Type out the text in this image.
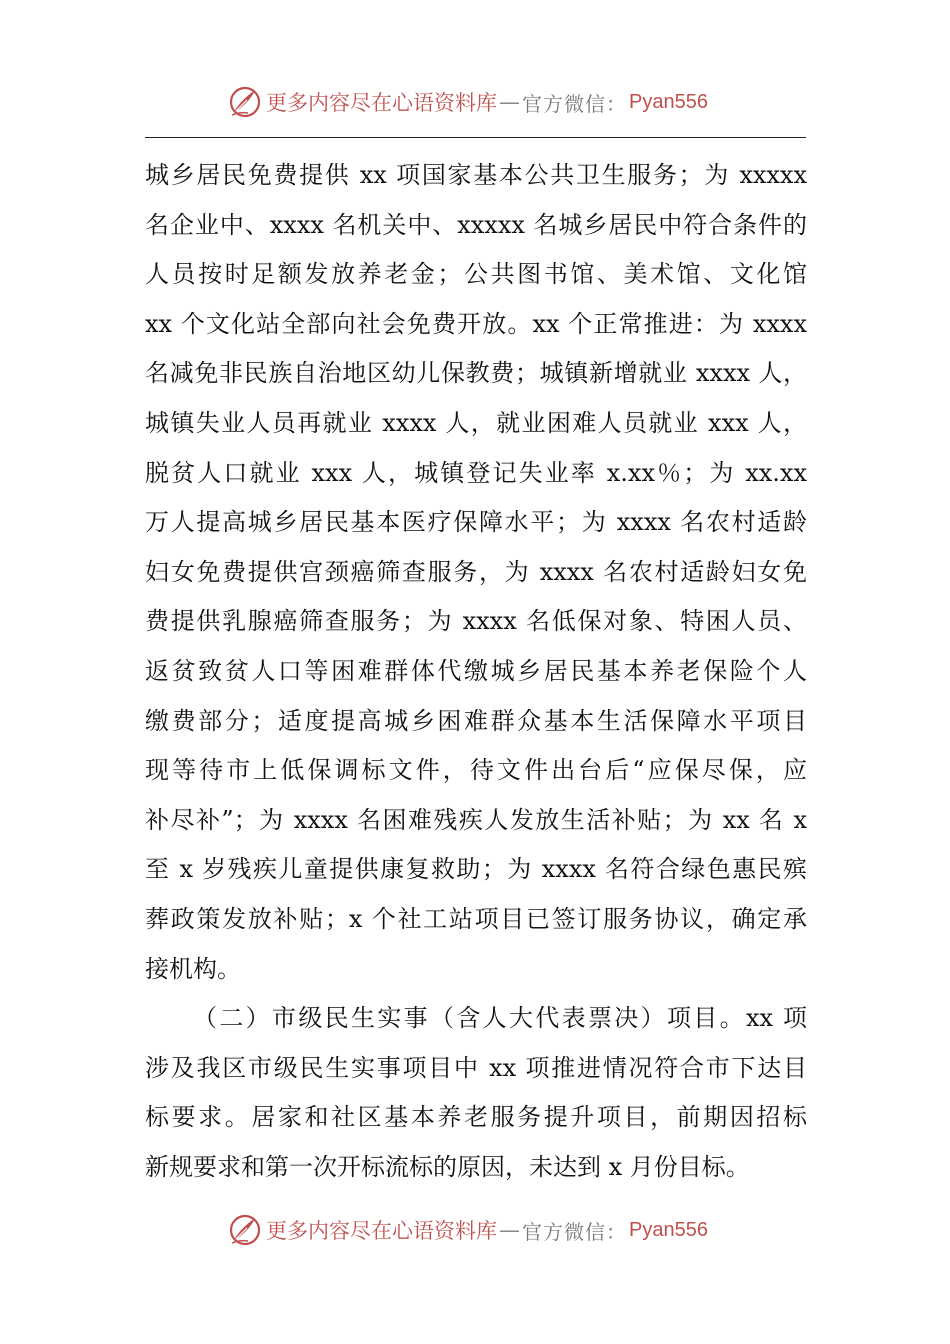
更多内容尽在心语资料库 — 官方微信： Pyan556
城乡居民免费提供 xx 项国家基本公共卫生服务；为 xxxxx
名企业中、xxxx 名机关中、xxxxx 名城乡居民中符合条件的
人员按时足额发放养老金；公共图书馆、美术馆、文化馆
xx 个文化站全部向社会免费开放。xx 个正常推进：为 xxxx
名减免非民族自治地区幼儿保教费；城镇新增就业 xxxx 人，
城镇失业人员再就业 xxxx 人，就业困难人员就业 xxx 人，
脱贫人口就业 xxx 人，城镇登记失业率 x.xx％；为 xx.xx
万人提高城乡居民基本医疗保障水平；为 xxxx 名农村适龄
妇女免费提供宫颈癌筛查服务，为 xxxx 名农村适龄妇女免
费提供乳腺癌筛查服务；为 xxxx 名低保对象、特困人员、
返贫致贫人口等困难群体代缴城乡居民基本养老保险个人
缴费部分；适度提高城乡困难群众基本生活保障水平项目
现等待市上低保调标文件，待文件出台后“应保尽保，应
补尽补”；为 xxxx 名困难残疾人发放生活补贴；为 xx 名 x
至 x 岁残疾儿童提供康复救助；为 xxxx 名符合绿色惠民殡
葬政策发放补贴；x 个社工站项目已签订服务协议，确定承
接机构。
（二）市级民生实事（含人大代表票决）项目。xx 项
涉及我区市级民生实事项目中 xx 项推进情况符合市下达目
标要求。居家和社区基本养老服务提升项目，前期因招标
新规要求和第一次开标流标的原因，未达到 x 月份目标。
更多内容尽在心语资料库 — 官方微信： Pyan556
